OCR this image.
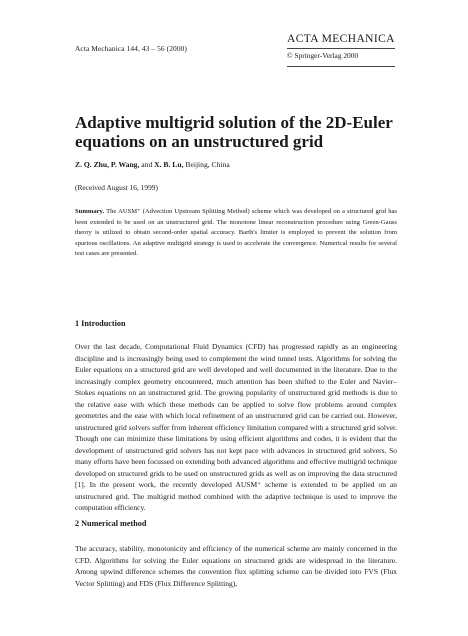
Acta Mechanica 144, 43 – 56 (2000)
ACTA MECHANICA
© Springer-Verlag 2000
Adaptive multigrid solution of the 2D-Euler equations on an unstructured grid
Z. Q. Zhu, P. Wang, and X. B. Lu, Beijing, China
(Received August 16, 1999)
Summary. The AUSM⁺ (Advection Upstream Splitting Method) scheme which was developed on a structured grid has been extended to be used on an unstructured grid. The monotone linear reconstruction procedure using Green-Gauss theory is utilized to obtain second-order spatial accuracy. Barth's limiter is employed to prevent the solution from spurious oscillations. An adaptive multigrid strategy is used to accelerate the convergence. Numerical results for several test cases are presented.
1 Introduction
Over the last decade, Computational Fluid Dynamics (CFD) has progressed rapidly as an engineering discipline and is increasingly being used to complement the wind tunnel tests. Algorithms for solving the Euler equations on a structured grid are well developed and well documented in the literature. Due to the increasingly complex geometry encountered, much attention has been shifted to the Euler and Navier–Stokes equations on an unstructured grid. The growing popularity of unstructured grid methods is due to the relative ease with which these methods can be applied to solve flow problems around complex geometries and the ease with which local refinement of an unstructured grid can be carried out. However, unstructured grid solvers suffer from inherent efficiency limitation compared with a structured grid solver. Though one can minimize these limitations by using efficient algorithms and codes, it is evident that the development of unstructured grid solvers has not kept pace with advances in structured grid solvers. So many efforts have been focussed on extending both advanced algorithms and effective multigrid technique developed on structured grids to be used on unstructured grids as well as on improving the data structured [1]. In the present work, the recently developed AUSM⁺ scheme is extended to be applied on an unstructured grid. The multigrid method combined with the adaptive technique is used to improve the computation efficiency.
2 Numerical method
The accuracy, stability, monotonicity and efficiency of the numerical scheme are mainly concerned in the CFD. Algorithms for solving the Euler equations on structured grids are widespread in the literature. Among upwind difference schemes the convention flux splitting scheme can be divided into FVS (Flux Vector Splitting) and FDS (Flux Difference Splitting),
